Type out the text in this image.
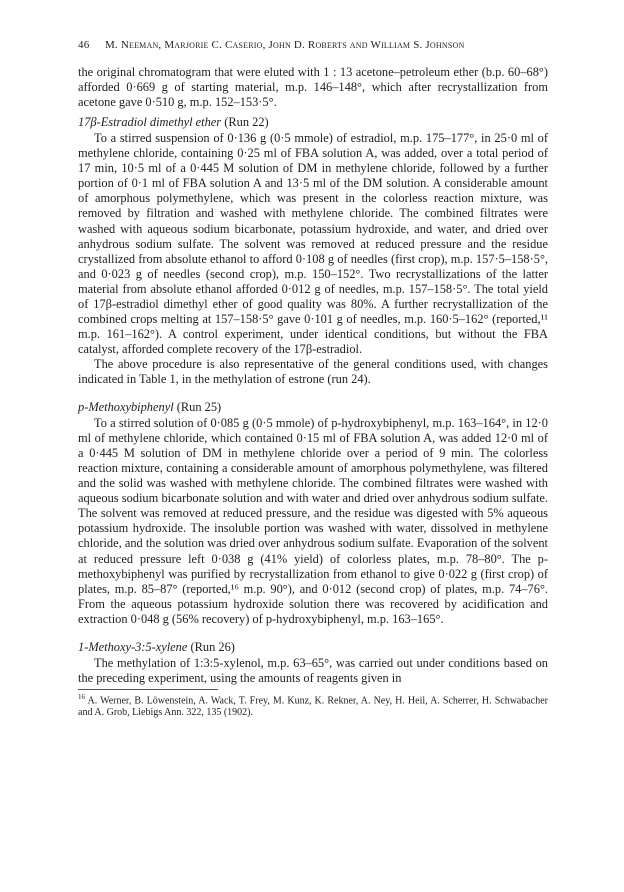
46 M. Neeman, Marjorie C. Caserio, John D. Roberts and William S. Johnson

the original chromatogram that were eluted with 1 : 13 acetone–petroleum ether (b.p. 60–68°) afforded 0·669 g of starting material, m.p. 146–148°, which after recrystallization from acetone gave 0·510 g, m.p. 152–153·5°.

17β-Estradiol dimethyl ether (Run 22)

To a stirred suspension of 0·136 g (0·5 mmole) of estradiol, m.p. 175–177°, in 25·0 ml of methylene chloride, containing 0·25 ml of FBA solution A, was added, over a total period of 17 min, 10·5 ml of a 0·445 M solution of DM in methylene chloride, followed by a further portion of 0·1 ml of FBA solution A and 13·5 ml of the DM solution. A considerable amount of amorphous polymethylene, which was present in the colorless reaction mixture, was removed by filtration and washed with methylene chloride. The combined filtrates were washed with aqueous sodium bicarbonate, potassium hydroxide, and water, and dried over anhydrous sodium sulfate. The solvent was removed at reduced pressure and the residue crystallized from absolute ethanol to afford 0·108 g of needles (first crop), m.p. 157·5–158·5°, and 0·023 g of needles (second crop), m.p. 150–152°. Two recrystallizations of the latter material from absolute ethanol afforded 0·012 g of needles, m.p. 157–158·5°. The total yield of 17β-estradiol dimethyl ether of good quality was 80%. A further recrystallization of the combined crops melting at 157–158·5° gave 0·101 g of needles, m.p. 160·5–162° (reported,¹¹ m.p. 161–162°). A control experiment, under identical conditions, but without the FBA catalyst, afforded complete recovery of the 17β-estradiol.

The above procedure is also representative of the general conditions used, with changes indicated in Table 1, in the methylation of estrone (run 24).

p-Methoxybiphenyl (Run 25)

To a stirred solution of 0·085 g (0·5 mmole) of p-hydroxybiphenyl, m.p. 163–164°, in 12·0 ml of methylene chloride, which contained 0·15 ml of FBA solution A, was added 12·0 ml of a 0·445 M solution of DM in methylene chloride over a period of 9 min. The colorless reaction mixture, containing a considerable amount of amorphous polymethylene, was filtered and the solid was washed with methylene chloride. The combined filtrates were washed with aqueous sodium bicarbonate solution and with water and dried over anhydrous sodium sulfate. The solvent was removed at reduced pressure, and the residue was digested with 5% aqueous potassium hydroxide. The insoluble portion was washed with water, dissolved in methylene chloride, and the solution was dried over anhydrous sodium sulfate. Evaporation of the solvent at reduced pressure left 0·038 g (41% yield) of colorless plates, m.p. 78–80°. The p-methoxybiphenyl was purified by recrystallization from ethanol to give 0·022 g (first crop) of plates, m.p. 85–87° (reported,¹⁶ m.p. 90°), and 0·012 (second crop) of plates, m.p. 74–76°. From the aqueous potassium hydroxide solution there was recovered by acidification and extraction 0·048 g (56% recovery) of p-hydroxybiphenyl, m.p. 163–165°.

1-Methoxy-3:5-xylene (Run 26)

The methylation of 1:3:5-xylenol, m.p. 63–65°, was carried out under conditions based on the preceding experiment, using the amounts of reagents given in

$^{16}$ A. Werner, B. Löwenstein, A. Wack, T. Frey, M. Kunz, K. Rekner, A. Ney, H. Heil, A. Scherrer, H. Schwabacher and A. Grob, Liebigs Ann. 322, 135 (1902).
